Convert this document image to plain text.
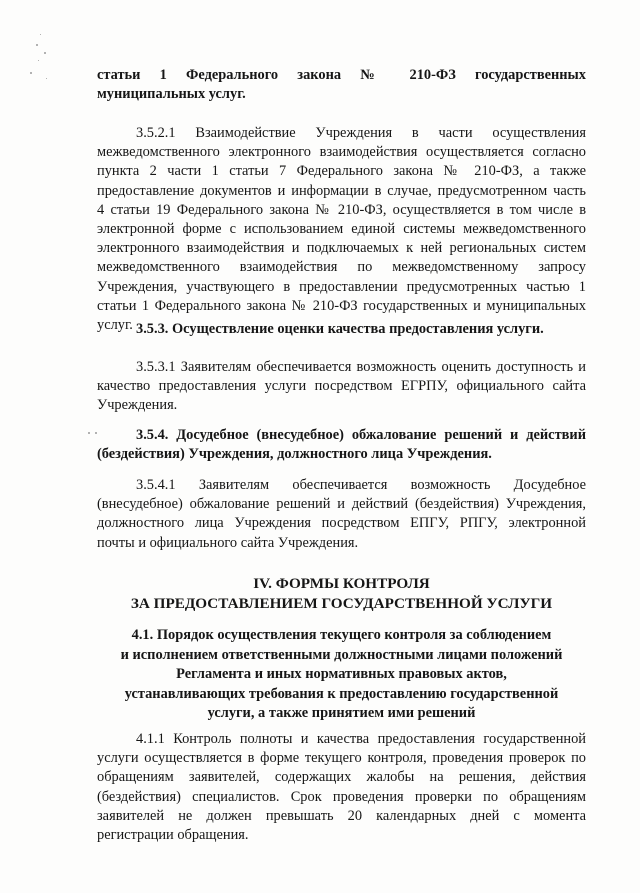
статьи 1 Федерального закона № 210-ФЗ государственных
муниципальных услуг.
3.5.2.1 Взаимодействие Учреждения в части осуществления
межведомственного электронного взаимодействия осуществляется согласно
пункта 2 части 1 статьи 7 Федерального закона № 210-ФЗ, а также
предоставление документов и информации в случае, предусмотренном часть
4 статьи 19 Федерального закона № 210-ФЗ, осуществляется в том числе в
электронной форме с использованием единой системы межведомственного
электронного взаимодействия и подключаемых к ней региональных систем
межведомственного взаимодействия по межведомственному запросу
Учреждения, участвующего в предоставлении предусмотренных частью 1
статьи 1 Федерального закона № 210-ФЗ государственных и муниципальных
услуг. 3.5.3. Осуществление оценки качества предоставления услуги.
3.5.3.1 Заявителям обеспечивается возможность оценить доступность и
качество предоставления услуги посредством ЕГРПУ, официального сайта
Учреждения.
3.5.4. Досудебное (внесудебное) обжалование решений и действий
(бездействия) Учреждения, должностного лица Учреждения.
3.5.4.1 Заявителям обеспечивается возможность Досудебное
(внесудебное) обжалование решений и действий (бездействия) Учреждения,
должностного лица Учреждения посредством ЕПГУ, РПГУ, электронной
почты и официального сайта Учреждения.
IV. ФОРМЫ КОНТРОЛЯ
ЗА ПРЕДОСТАВЛЕНИЕМ ГОСУДАРСТВЕННОЙ УСЛУГИ
4.1. Порядок осуществления текущего контроля за соблюдением
и исполнением ответственными должностными лицами положений
Регламента и иных нормативных правовых актов,
устанавливающих требования к предоставлению государственной
услуги, а также принятием ими решений
4.1.1 Контроль полноты и качества предоставления государственной
услуги осуществляется в форме текущего контроля, проведения проверок по
обращениям заявителей, содержащих жалобы на решения, действия
(бездействия) специалистов. Срок проведения проверки по обращениям
заявителей не должен превышать 20 календарных дней с момента
регистрации обращения.
